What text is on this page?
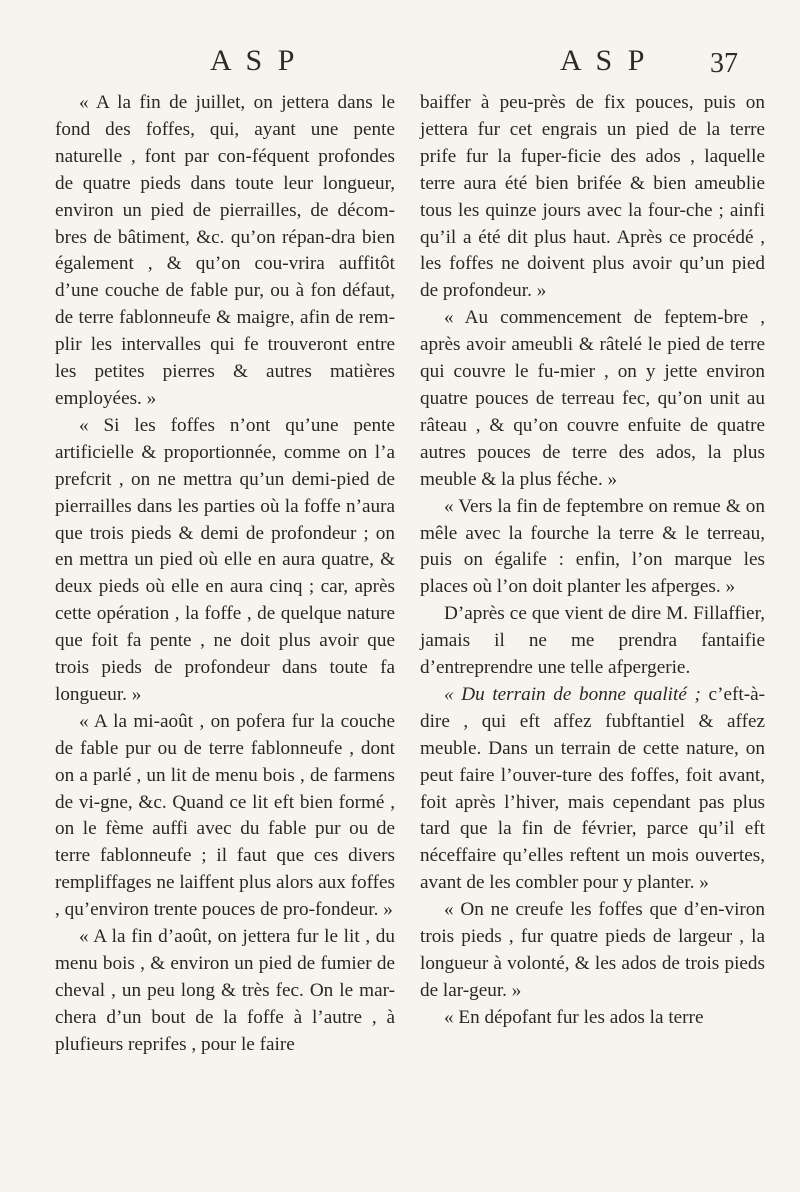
A S P	A S P 37

« A la fin de juillet, on jettera dans le fond des foffes, qui, ayant une pente naturelle , font par con-féquent profondes de quatre pieds dans toute leur longueur, environ un pied de pierrailles, de décom-bres de bâtiment, &c. qu’on répan-dra bien également , & qu’on cou-vrira auffitôt d’une couche de fable pur, ou à fon défaut, de terre fablonneufe & maigre, afin de rem-plir les intervalles qui fe trouveront entre les petites pierres & autres matières employées. »

« Si les foffes n’ont qu’une pente artificielle & proportionnée, comme on l’a prefcrit , on ne mettra qu’un demi-pied de pierrailles dans les parties où la foffe n’aura que trois pieds & demi de profondeur ; on en mettra un pied où elle en aura quatre, & deux pieds où elle en aura cinq ; car, après cette opération , la foffe , de quelque nature que foit fa pente , ne doit plus avoir que trois pieds de profondeur dans toute fa longueur. »

« A la mi-août , on pofera fur la couche de fable pur ou de terre fablonneufe , dont on a parlé , un lit de menu bois , de farmens de vi-gne, &c. Quand ce lit eft bien formé , on le fème auffi avec du fable pur ou de terre fablonneufe ; il faut que ces divers rempliffages ne laiffent plus alors aux foffes , qu’environ trente pouces de pro-fondeur. »

« A la fin d’août, on jettera fur le lit , du menu bois , & environ un pied de fumier de cheval , un peu long & très fec. On le mar-chera d’un bout de la foffe à l’autre , à plufieurs reprifes , pour le faire

baiffer à peu-près de fix pouces, puis on jettera fur cet engrais un pied de la terre prife fur la fuper-ficie des ados , laquelle terre aura été bien brifée & bien ameublie tous les quinze jours avec la four-che ; ainfi qu’il a été dit plus haut. Après ce procédé , les foffes ne doivent plus avoir qu’un pied de profondeur. »

« Au commencement de feptem-bre , après avoir ameubli & râtelé le pied de terre qui couvre le fu-mier , on y jette environ quatre pouces de terreau fec, qu’on unit au râteau , & qu’on couvre enfuite de quatre autres pouces de terre des ados, la plus meuble & la plus féche. »

« Vers la fin de feptembre on remue & on mêle avec la fourche la terre & le terreau, puis on égalife : enfin, l’on marque les places où l’on doit planter les afperges. »

D’après ce que vient de dire M. Fillaffier, jamais il ne me prendra fantaifie d’entreprendre une telle afpergerie.

« Du terrain de bonne qualité ; c’eft-à-dire , qui eft affez fubftantiel & affez meuble. Dans un terrain de cette nature, on peut faire l’ouver-ture des foffes, foit avant, foit après l’hiver, mais cependant pas plus tard que la fin de février, parce qu’il eft néceffaire qu’elles reftent un mois ouvertes, avant de les combler pour y planter. »

« On ne creufe les foffes que d’en-viron trois pieds , fur quatre pieds de largeur , la longueur à volonté, & les ados de trois pieds de lar-geur. »

« En dépofant fur les ados la terre
